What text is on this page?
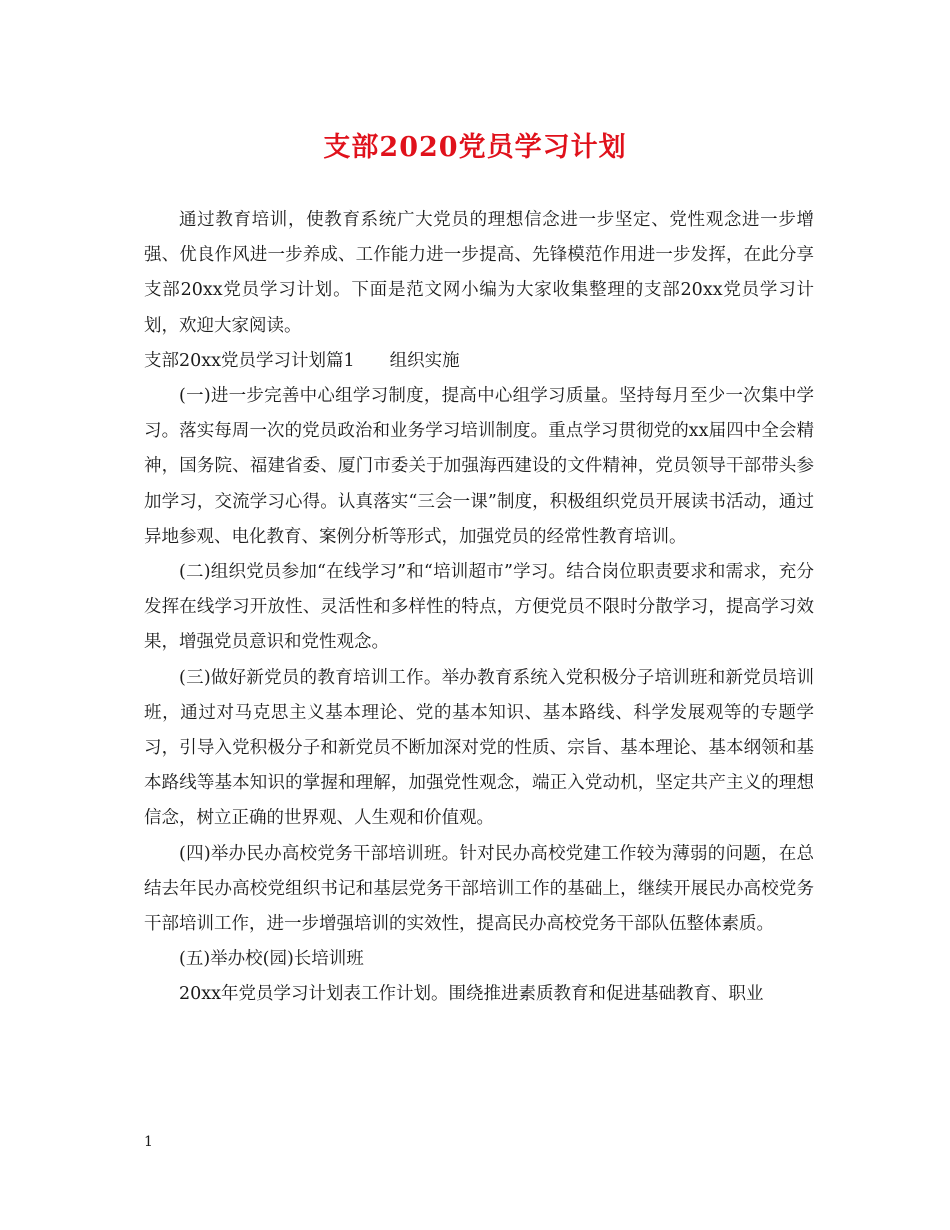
支部2020党员学习计划

通过教育培训，使教育系统广大党员的理想信念进一步坚定、党性观念进一步增强、优良作风进一步养成、工作能力进一步提高、先锋模范作用进一步发挥，在此分享支部20xx党员学习计划。下面是范文网小编为大家收集整理的支部20xx党员学习计划，欢迎大家阅读。

支部20xx党员学习计划篇1　　组织实施

(一)进一步完善中心组学习制度，提高中心组学习质量。坚持每月至少一次集中学习。落实每周一次的党员政治和业务学习培训制度。重点学习贯彻党的xx届四中全会精神，国务院、福建省委、厦门市委关于加强海西建设的文件精神，党员领导干部带头参加学习，交流学习心得。认真落实“三会一课”制度，积极组织党员开展读书活动，通过异地参观、电化教育、案例分析等形式，加强党员的经常性教育培训。

(二)组织党员参加“在线学习”和“培训超市”学习。结合岗位职责要求和需求，充分发挥在线学习开放性、灵活性和多样性的特点，方便党员不限时分散学习，提高学习效果，增强党员意识和党性观念。

(三)做好新党员的教育培训工作。举办教育系统入党积极分子培训班和新党员培训班，通过对马克思主义基本理论、党的基本知识、基本路线、科学发展观等的专题学习，引导入党积极分子和新党员不断加深对党的性质、宗旨、基本理论、基本纲领和基本路线等基本知识的掌握和理解，加强党性观念，端正入党动机，坚定共产主义的理想信念，树立正确的世界观、人生观和价值观。

(四)举办民办高校党务干部培训班。针对民办高校党建工作较为薄弱的问题，在总结去年民办高校党组织书记和基层党务干部培训工作的基础上，继续开展民办高校党务干部培训工作，进一步增强培训的实效性，提高民办高校党务干部队伍整体素质。

(五)举办校(园)长培训班

20xx年党员学习计划表工作计划。围绕推进素质教育和促进基础教育、职业

1
